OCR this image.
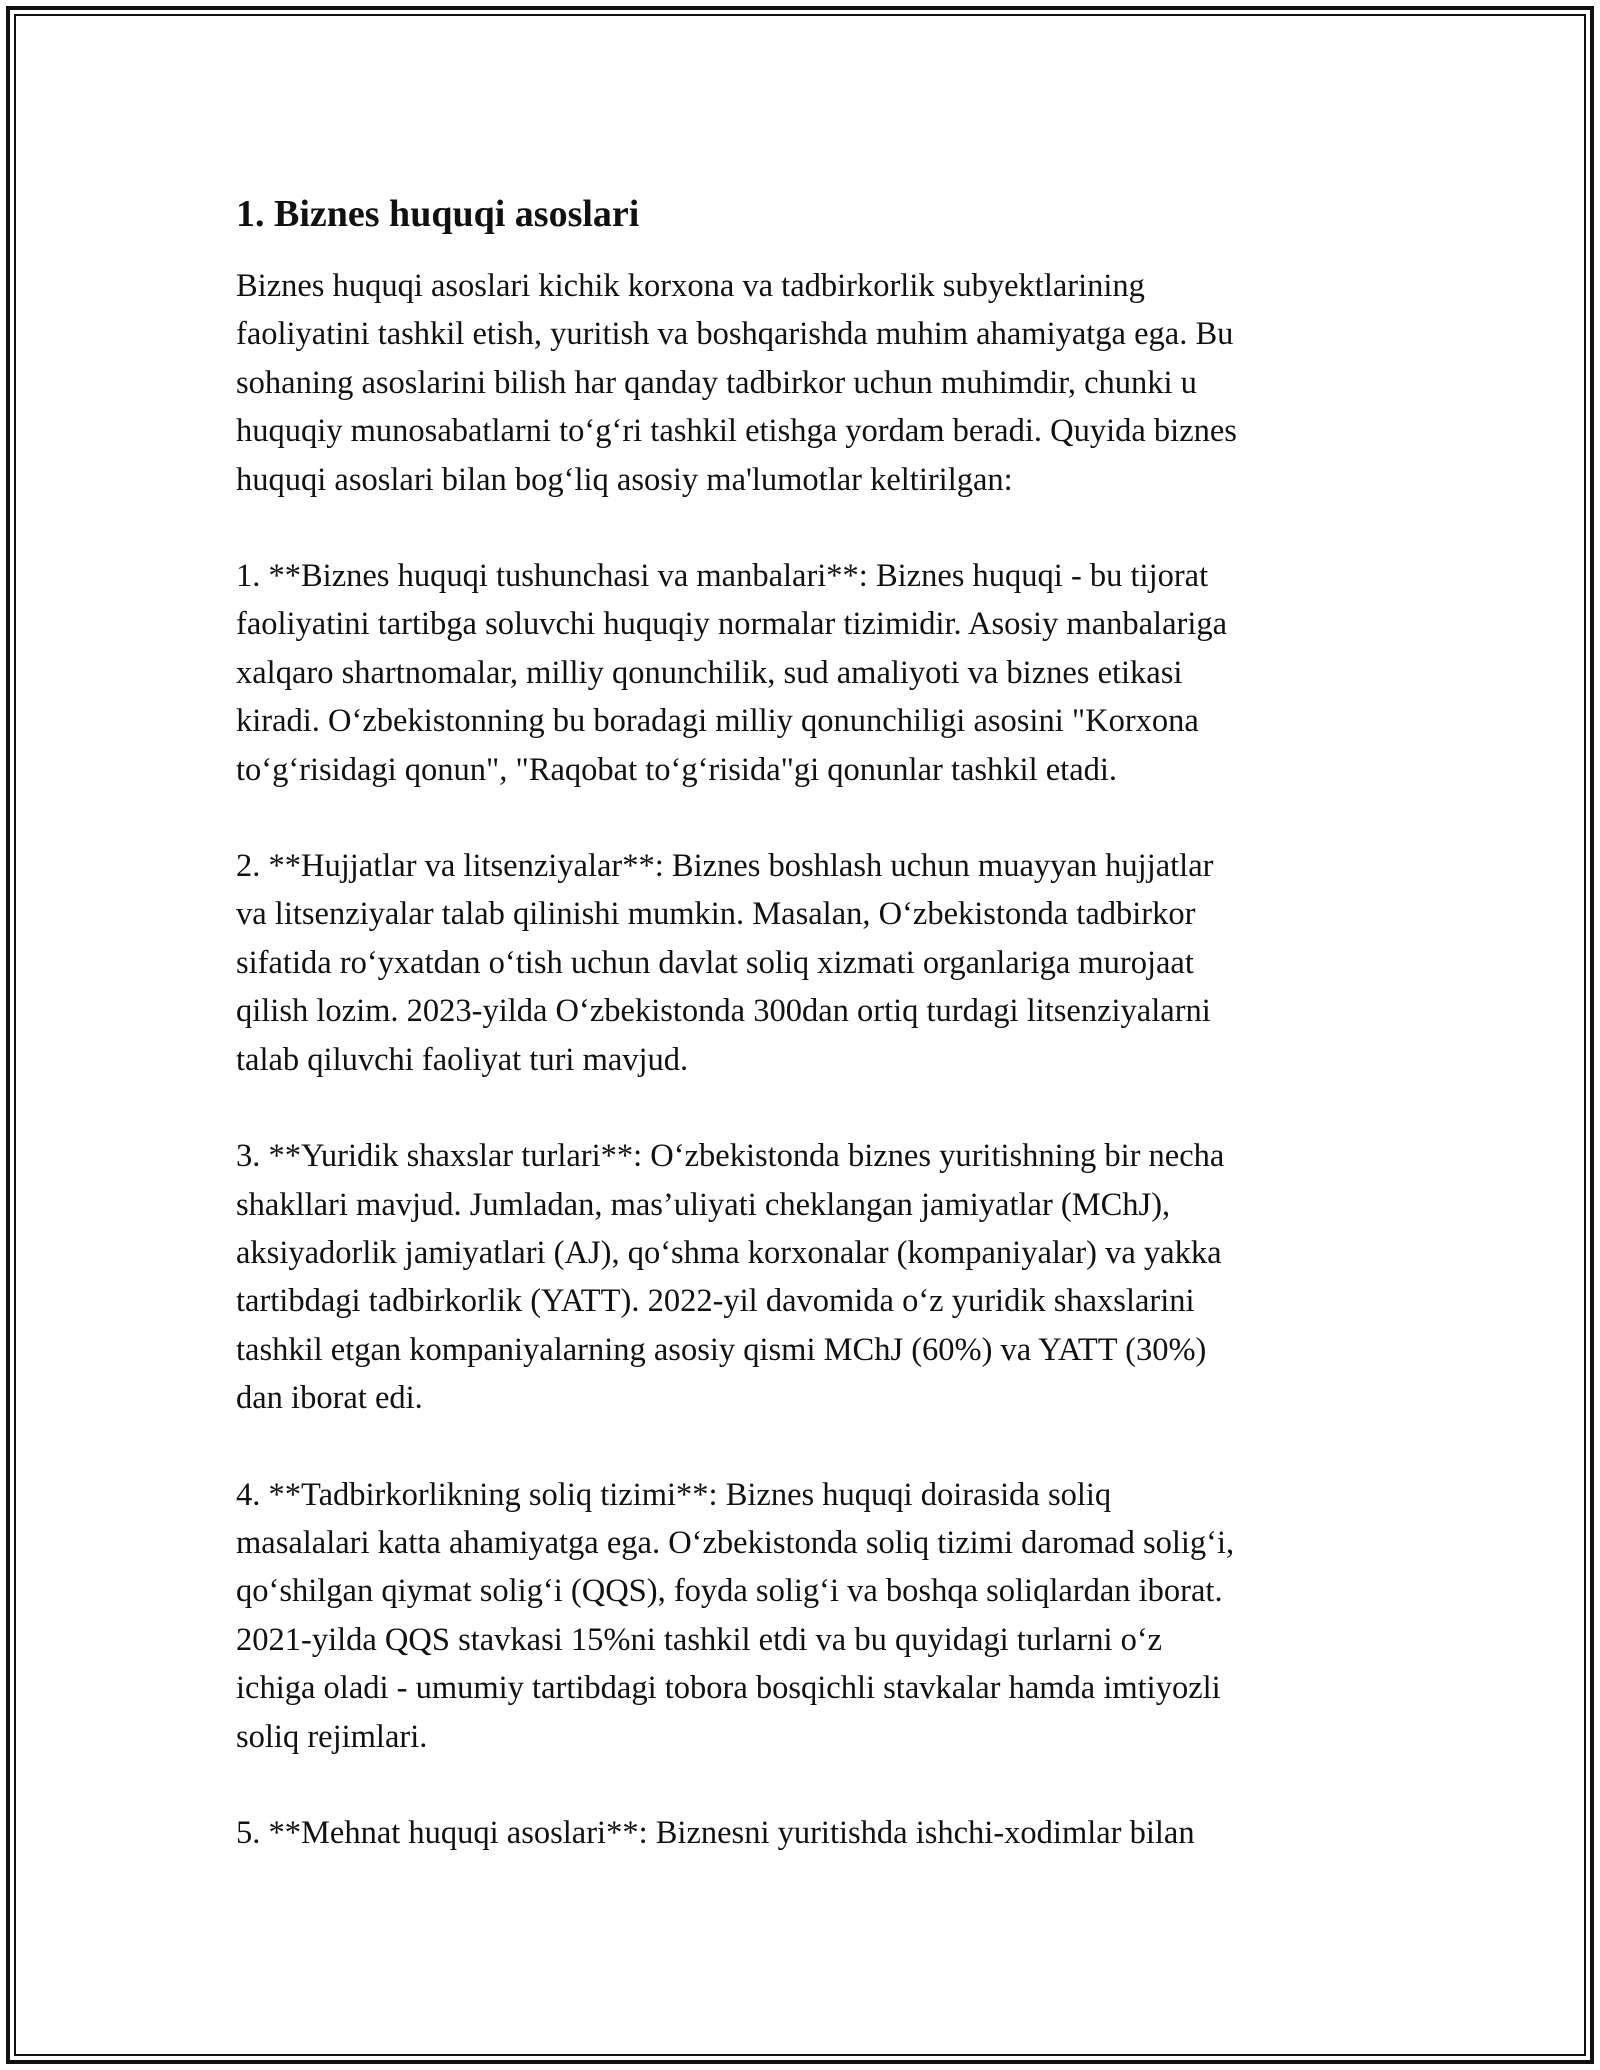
1. Biznes huquqi asoslari

Biznes huquqi asoslari kichik korxona va tadbirkorlik subyektlarining
faoliyatini tashkil etish, yuritish va boshqarishda muhim ahamiyatga ega. Bu
sohaning asoslarini bilish har qanday tadbirkor uchun muhimdir, chunki u
huquqiy munosabatlarni to‘g‘ri tashkil etishga yordam beradi. Quyida biznes
huquqi asoslari bilan bog‘liq asosiy ma'lumotlar keltirilgan:

1. **Biznes huquqi tushunchasi va manbalari**: Biznes huquqi - bu tijorat
faoliyatini tartibga soluvchi huquqiy normalar tizimidir. Asosiy manbalariga
xalqaro shartnomalar, milliy qonunchilik, sud amaliyoti va biznes etikasi
kiradi. O‘zbekistonning bu boradagi milliy qonunchiligi asosini "Korxona
to‘g‘risidagi qonun", "Raqobat to‘g‘risida"gi qonunlar tashkil etadi.

2. **Hujjatlar va litsenziyalar**: Biznes boshlash uchun muayyan hujjatlar
va litsenziyalar talab qilinishi mumkin. Masalan, O‘zbekistonda tadbirkor
sifatida ro‘yxatdan o‘tish uchun davlat soliq xizmati organlariga murojaat
qilish lozim. 2023-yilda O‘zbekistonda 300dan ortiq turdagi litsenziyalarni
talab qiluvchi faoliyat turi mavjud.

3. **Yuridik shaxslar turlari**: O‘zbekistonda biznes yuritishning bir necha
shakllari mavjud. Jumladan, mas’uliyati cheklangan jamiyatlar (MChJ),
aksiyadorlik jamiyatlari (AJ), qo‘shma korxonalar (kompaniyalar) va yakka
tartibdagi tadbirkorlik (YATT). 2022-yil davomida o‘z yuridik shaxslarini
tashkil etgan kompaniyalarning asosiy qismi MChJ (60%) va YATT (30%)
dan iborat edi.

4. **Tadbirkorlikning soliq tizimi**: Biznes huquqi doirasida soliq
masalalari katta ahamiyatga ega. O‘zbekistonda soliq tizimi daromad solig‘i,
qo‘shilgan qiymat solig‘i (QQS), foyda solig‘i va boshqa soliqlardan iborat.
2021-yilda QQS stavkasi 15%ni tashkil etdi va bu quyidagi turlarni o‘z
ichiga oladi - umumiy tartibdagi tobora bosqichli stavkalar hamda imtiyozli
soliq rejimlari.

5. **Mehnat huquqi asoslari**: Biznesni yuritishda ishchi-xodimlar bilan
